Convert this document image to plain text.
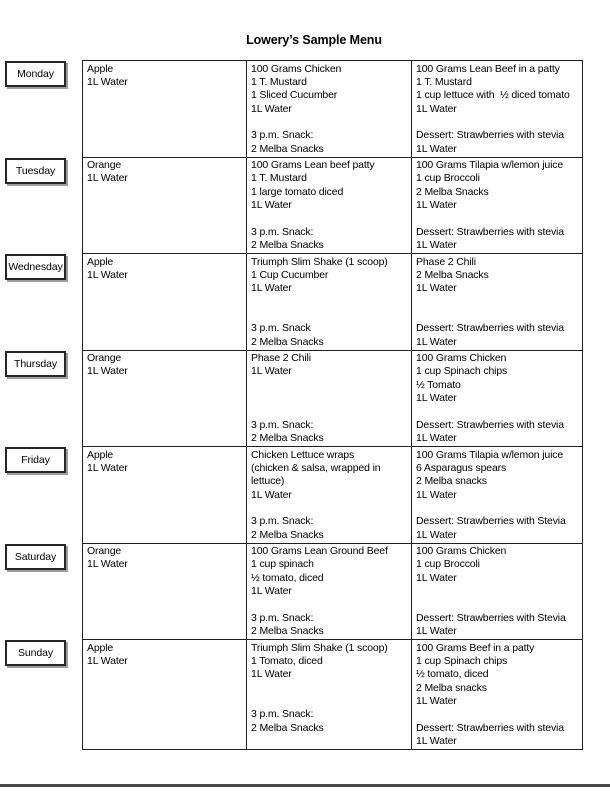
Lowery’s Sample Menu
Monday
Tuesday
Wednesday
Thursday
Friday
Saturday
Sunday
Apple
1L Water
100 Grams Chicken
1 T. Mustard
1 Sliced Cucumber
1L Water
3 p.m. Snack:
2 Melba Snacks
100 Grams Lean Beef in a patty
1 T. Mustard
1 cup lettuce with  ½ diced tomato
1L Water
Dessert: Strawberries with stevia
1L Water
Orange
1L Water
100 Grams Lean beef patty
1 T. Mustard
1 large tomato diced
1L Water
3 p.m. Snack:
2 Melba Snacks
100 Grams Tilapia w/lemon juice
1 cup Broccoli
2 Melba Snacks
1L Water
Dessert: Strawberries with stevia
1L Water
Apple
1L Water
Triumph Slim Shake (1 scoop)
1 Cup Cucumber
1L Water
3 p.m. Snack
2 Melba Snacks
Phase 2 Chili
2 Melba Snacks
1L Water
Dessert: Strawberries with stevia
1L Water
Orange
1L Water
Phase 2 Chili
1L Water
3 p.m. Snack:
2 Melba Snacks
100 Grams Chicken
1 cup Spinach chips
½ Tomato
1L Water
Dessert: Strawberries with stevia
1L Water
Apple
1L Water
Chicken Lettuce wraps
(chicken & salsa, wrapped in
lettuce)
1L Water
3 p.m. Snack:
2 Melba Snacks
100 Grams Tilapia w/lemon juice
6 Asparagus spears
2 Melba snacks
1L Water
Dessert: Strawberries with Stevia
1L Water
Orange
1L Water
100 Grams Lean Ground Beef
1 cup spinach
½ tomato, diced
1L Water
3 p.m. Snack:
2 Melba Snacks
100 Grams Chicken
1 cup Broccoli
1L Water
Dessert: Strawberries with Stevia
1L Water
Apple
1L Water
Triumph Slim Shake (1 scoop)
1 Tomato, diced
1L Water
3 p.m. Snack:
2 Melba Snacks
100 Grams Beef in a patty
1 cup Spinach chips
½ tomato, diced
2 Melba snacks
1L Water
Dessert: Strawberries with stevia
1L Water
